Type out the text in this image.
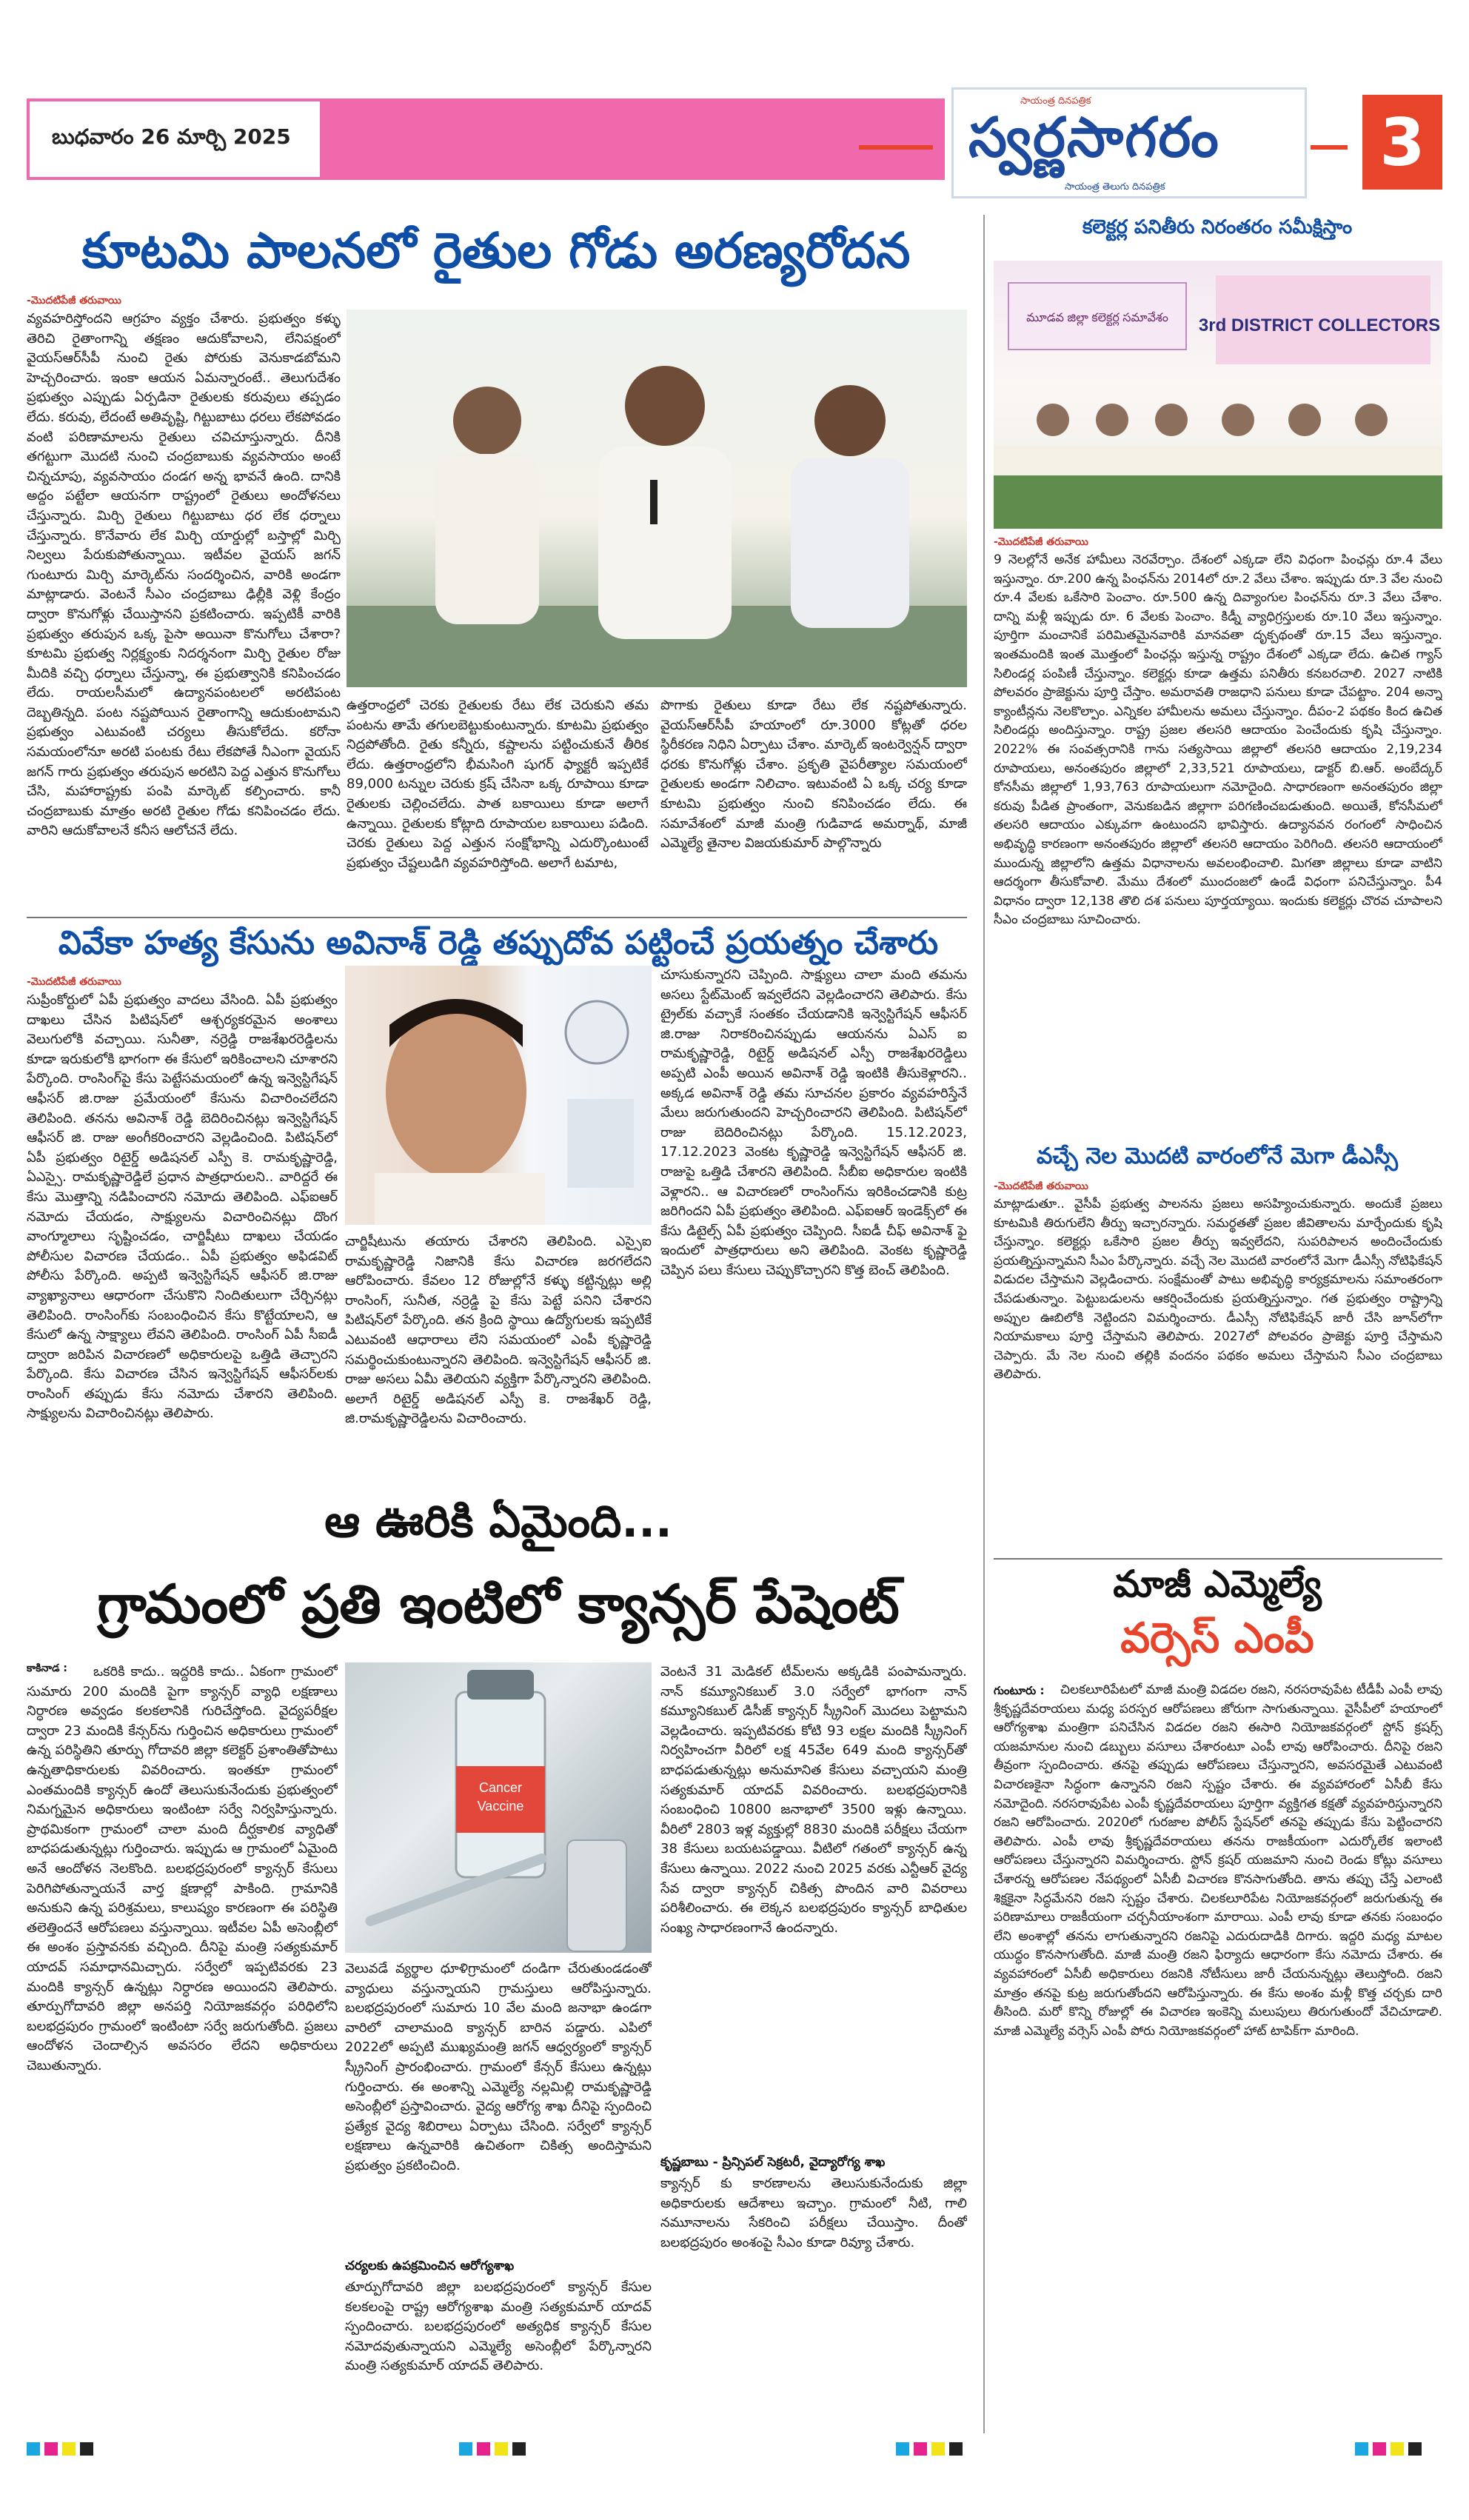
బుధవారం 26 మార్చి 2025
సాయంత్ర దినపత్రిక
స్వర్ణసాగరం
సాయంత్ర తెలుగు దినపత్రిక
3
కూటమి పాలనలో రైతుల గోడు అరణ్యరోదన
-మొదటిపేజీ తరువాయి
వ్యవహరిస్తోందని ఆగ్రహం వ్యక్తం చేశారు. ప్రభుత్వం కళ్ళు తెరిచి రైతాంగాన్ని తక్షణం ఆదుకోవాలని, లేనిపక్షంలో వైయస్‌ఆర్‌సీపీ నుంచి రైతు పోరుకు వెనుకాడబోమని హెచ్చరించారు. ఇంకా ఆయన ఏమన్నారంటే.. తెలుగుదేశం ప్రభుత్వం ఎప్పుడు ఏర్పడినా రైతులకు కరువులు తప్పడం లేదు. కరువు, లేదంటే అతివృష్టి, గిట్టుబాటు ధరలు లేకపోవడం వంటి పరిణామాలను రైతులు చవిచూస్తున్నారు. దీనికి తగట్టుగా మొదటి నుంచి చంద్రబాబుకు వ్యవసాయం అంటే చిన్నచూపు, వ్యవసాయం దండగ అన్న భావనే ఉంది. దానికి అద్దం పట్టేలా ఆయనగా రాష్ట్రంలో రైతులు అందోళనలు చేస్తున్నారు. మిర్చి రైతులు గిట్టుబాటు ధర లేక ధర్నాలు చేస్తున్నారు. కొనేవారు లేక మిర్చి యార్డుల్లో బస్తాల్లో మిర్చి నిల్వలు పేరుకుపోతున్నాయి. ఇటీవల వైయస్ జగన్ గుంటూరు మిర్చి మార్కెట్‌ను సందర్శించిన, వారికి అండగా మాట్లాడారు. వెంటనే సీఎం చంద్రబాబు ఢిల్లీకి వెళ్లి కేంద్రం ద్వారా కొనుగోళ్లు చేయిస్తానని ప్రకటించారు. ఇప్పటికీ వారికి ప్రభుత్వం తరుపున ఒక్క పైసా అయినా కొనుగోలు చేశారా? కూటమి ప్రభుత్వ నిర్లక్ష్యంకు నిదర్శనంగా మిర్చి రైతుల రోజు మీదికి వచ్చి ధర్నాలు చేస్తున్నా, ఈ ప్రభుత్వానికి కనిపించడం లేదు. రాయలసీమలో ఉద్యానపంటలలో అరటిపంట దెబ్బతిన్నది. పంట నష్టపోయిన రైతాంగాన్ని ఆదుకుంటామని ప్రభుత్వం ఎటువంటి చర్యలు తీసుకోలేదు. కరోనా సమయంలోనూ అరటి పంటకు రేటు లేకపోతే నీఎంగా వైయస్ జగన్ గారు ప్రభుత్వం తరుపున అరటిని పెద్ద ఎత్తున కొనుగోలు చేసి, మహారాష్ట్రకు పంపి మార్కెట్ కల్పించారు. కానీ చంద్రబాబుకు మాత్రం అరటి రైతుల గోడు కనిపించడం లేదు. వారిని ఆదుకోవాలనే కనీస ఆలోచనే లేదు.
ఉత్తరాంధ్రలో చెరకు రైతులకు రేటు లేక చెరుకుని తమ పంటను తామే తగులబెట్టుకుంటున్నారు. కూటమి ప్రభుత్వం నిద్రపోతోంది. రైతు కన్నీరు, కష్టాలను పట్టించుకునే తీరిక లేదు. ఉత్తరాంధ్రలోని భీమసింగి షుగర్ ఫ్యాక్టరీ ఇప్పటికే 89,000 టన్నుల చెరుకు క్రష్ చేసినా ఒక్క రూపాయి కూడా రైతులకు చెల్లించలేదు. పాత బకాయిలు కూడా అలాగే ఉన్నాయి. రైతులకు కోట్లాది రూపాయల బకాయిలు పడింది. చెరకు రైతులు పెద్ద ఎత్తున సంక్షోభాన్ని ఎదుర్కొంటుంటే ప్రభుత్వం చేష్టలుడిగి వ్యవహరిస్తోంది. అలాగే టమాట,
పొగాకు రైతులు కూడా రేటు లేక నష్టపోతున్నారు. వైయస్‌ఆర్‌సీపీ హయాంలో రూ.3000 కోట్లతో ధరల స్థిరీకరణ నిధిని ఏర్పాటు చేశాం. మార్కెట్ ఇంటర్వెన్షన్ ద్వారా ధరకు కొనుగోళ్లు చేశాం. ప్రకృతి వైపరీత్యాల సమయంలో రైతులకు అండగా నిలిచాం. ఇటువంటి ఏ ఒక్క చర్య కూడా కూటమి ప్రభుత్వం నుంచి కనిపించడం లేదు. ఈ సమావేశంలో మాజీ మంత్రి గుడివాడ అమర్నాథ్, మాజీ ఎమ్మెల్యే తైనాల విజయకుమార్ పాల్గొన్నారు
వివేకా హత్య కేసును అవినాశ్ రెడ్డి తప్పుదోవ పట్టించే ప్రయత్నం చేశారు
-మొదటిపేజీ తరువాయి
సుప్రీంకోర్టులో ఏపీ ప్రభుత్వం వాదలు వేసింది. ఏపీ ప్రభుత్వం దాఖలు చేసిన పిటిషన్‌లో ఆశ్చర్యకరమైన అంశాలు వెలుగులోకి వచ్చాయి. సునీతా, నర్రెడ్డి రాజశేఖరరెడ్డిలను కూడా ఇరుకులోకి భాగంగా ఈ కేసులో ఇరికించాలని చూశారని పేర్కొంది. రాంసింగ్‌పై కేసు పెట్టేసమయంలో ఉన్న ఇన్వెస్టిగేషన్ ఆఫీసర్ జి.రాజు ప్రమేయంలో కేసును విచారించలేదని తెలిపింది. తనను అవినాశ్ రెడ్డి బెదిరించినట్లు ఇన్వెస్టిగేషన్ ఆఫీసర్ జి. రాజు అంగీకరించారని వెల్లడించింది. పిటిషన్‌లో ఏపీ ప్రభుత్వం రిటైర్డ్ అడిషనల్ ఎస్పీ కె. రామకృష్ణారెడ్డి, ఏఎస్సై. రామకృష్ణారెడ్డిలే ప్రధాన పాత్రధారులని.. వారిద్దరే ఈ కేసు మొత్తాన్ని నడిపించారని నమోదు తెలిపింది. ఎఫ్‌ఐఆర్ నమోదు చేయడం, సాక్ష్యులను విచారించినట్లు దొంగ వాంగ్మూలాలు సృష్టించడం, చార్జిషీటు దాఖలు చేయడం పోలీసుల విచారణ చేయడం.. ఏపీ ప్రభుత్వం అఫిడవిట్ పోలీసు పేర్కొంది. అప్పటి ఇన్వెస్టిగేషన్ ఆఫీసర్ జి.రాజు వ్యాఖ్యానాలు ఆధారంగా చేసుకొని నిందితులుగా చేర్చినట్లు తెలిపింది. రాంసింగ్‌కు సంబంధించిన కేసు కొట్టేయాలని, ఆ కేసులో ఉన్న సాక్ష్యాలు లేవని తెలిపింది. రాంసింగ్ ఏపీ సీఐడీ ద్వారా జరిపిన విచారణలో అధికారులపై ఒత్తిడి తెచ్చారని పేర్కొంది. కేసు విచారణ చేసిన ఇన్వెస్టిగేషన్ ఆఫీసర్‌లకు రాంసింగ్ తప్పుడు కేసు నమోదు చేశారని తెలిపింది. సాక్ష్యులను విచారించినట్లు తెలిపారు.
చార్జిషీటును తయారు చేశారని తెలిపింది. ఎస్సైఐ రామకృష్ణారెడ్డి నిజానికి కేసు విచారణ జరగలేదని ఆరోపించారు. కేవలం 12 రోజుల్లోనే కళ్ళు కట్టిన్నట్లు అల్లి రాంసింగ్, సునీత, నర్రెడ్డి పై కేసు పెట్టే పనిని చేశారని పిటిషన్‌లో పేర్కొంది. తన క్రింది స్థాయి ఉద్యోగులకు ఇప్పటికే ఎటువంటి ఆధారాలు లేని సమయంలో ఎంపీ కృష్ణారెడ్డి సమర్థించుకుంటున్నారని తెలిపింది. ఇన్వెస్టిగేషన్ ఆఫీసర్ జి. రాజు అసలు ఏమీ తెలియని వ్యక్తిగా పేర్కొన్నారని తెలిపింది. అలాగే రిటైర్డ్ అడిషనల్ ఎస్పీ కె. రాజశేఖర్ రెడ్డి, జి.రామకృష్ణారెడ్డిలను విచారించారు.
చూసుకున్నారని చెప్పింది. సాక్ష్యులు చాలా మంది తమను అసలు స్టేట్‌మెంట్ ఇవ్వలేదని వెల్లడించారని తెలిపారు. కేసు ట్రైల్‌కు వచ్చాకే సంతకం చేయడానికి ఇన్వెస్టిగేషన్ ఆఫీసర్ జి.రాజు నిరాకరించినప్పుడు ఆయనను ఏఎస్ ఐ రామకృష్ణారెడ్డి, రిటైర్డ్ అడిషనల్ ఎస్పీ రాజశేఖరరెడ్డిలు అప్పటి ఎంపీ అయిన అవినాశ్ రెడ్డి ఇంటికి తీసుకెళ్లారని.. అక్కడ అవినాశ్ రెడ్డి తమ సూచనల ప్రకారం వ్యవహరిస్తేనే మేలు జరుగుతుందని హెచ్చరించారని తెలిపింది. పిటిషన్‌లో రాజు బెదిరించినట్లు పేర్కొంది. 15.12.2023, 17.12.2023 వెంకట కృష్ణారెడ్డి ఇన్వెస్టిగేషన్ ఆఫీసర్ జి. రాజుపై ఒత్తిడి చేశారని తెలిపింది. సీబీఐ అధికారుల ఇంటికి వెళ్లారని.. ఆ విచారణలో రాంసింగ్‌ను ఇరికించడానికి కుట్ర జరిగిందని ఏపీ ప్రభుత్వం తెలిపింది. ఎఫ్‌ఐఆర్ ఇండెక్స్‌లో ఈ కేసు డిటైల్స్ ఏపీ ప్రభుత్వం చెప్పింది. సీఐడీ చీఫ్ అవినాశ్ ఫై ఇందులో పాత్రధారులు అని తెలిపింది. వెంకట కృష్ణారెడ్డి చెప్పిన పలు కేసులు చెప్పుకొచ్చారని కొత్త బెంచ్ తెలిపింది.
ఆ ఊరికి ఏమైంది...
గ్రామంలో ప్రతి ఇంటిలో క్యాన్సర్ పేషెంట్
కాకినాడ :	ఒకరికి కాదు.. ఇద్దరికి కాదు.. ఏకంగా గ్రామంలో సుమారు 200 మందికి పైగా క్యాన్సర్ వ్యాధి లక్షణాలు నిర్ధారణ అవ్వడం కలకలానికి గురిచేస్తోంది. వైద్యపరీక్షల ద్వారా 23 మందికి కేన్సర్‌ను గుర్తించిన అధికారులు గ్రామంలో ఉన్న పరిస్థితిని తూర్పు గోదావరి జిల్లా కలెక్టర్ ప్రశాంతితోపాటు ఉన్నతాధికారులకు వివరించారు. ఇంతకూ గ్రామంలో ఎంతమందికి క్యాన్సర్ ఉందో తెలుసుకునేందుకు ప్రభుత్వంలో నిమగ్నమైన అధికారులు ఇంటింటా సర్వే నిర్వహిస్తున్నారు. ప్రాథమికంగా గ్రామంలో చాలా మంది దీర్ఘకాలిక వ్యాధితో బాధపడుతున్నట్లు గుర్తించారు. ఇప్పుడు ఆ గ్రామంలో ఏమైంది అనే ఆందోళన నెలకొంది. బలభద్రపురంలో క్యాన్సర్ కేసులు పెరిగిపోతున్నాయనే వార్త క్షణాల్లో పాకింది. గ్రామానికి అనుకుని ఉన్న పరిశ్రమలు, కాలుష్యం కారణంగా ఈ పరిస్థితి తలెత్తిందనే ఆరోపణలు వస్తున్నాయి. ఇటీవల ఏపీ అసెంబ్లీలో ఈ అంశం ప్రస్తావనకు వచ్చింది. దీనిపై మంత్రి సత్యకుమార్ యాదవ్ సమాధానమిచ్చారు. సర్వేలో ఇప్పటివరకు 23 మందికి క్యాన్సర్ ఉన్నట్లు నిర్ధారణ అయిందని తెలిపారు. తూర్పుగోదావరి జిల్లా అనపర్తి నియోజకవర్గం పరిధిలోని బలభద్రపురం గ్రామంలో ఇంటింటా సర్వే జరుగుతోంది. ప్రజలు ఆందోళన చెందాల్సిన అవసరం లేదని అధికారులు చెబుతున్నారు.
Cancer
Vaccine
వెలువడే వ్యర్థాల ధూళిగ్రామంలో దండిగా చేరుతుండడంతో వ్యాధులు వస్తున్నాయని గ్రామస్తులు ఆరోపిస్తున్నారు. బలభద్రపురంలో సుమారు 10 వేల మంది జనాభా ఉండగా వారిలో చాలామంది క్యాన్సర్ బారిన పడ్డారు. ఎపిలో 2022లో అప్పటి ముఖ్యమంత్రి జగన్ ఆధ్వర్యంలో క్యాన్సర్ స్క్రీనింగ్ ప్రారంభించారు. గ్రామంలో కేన్సర్ కేసులు ఉన్నట్లు గుర్తించారు. ఈ అంశాన్ని ఎమ్మెల్యే నల్లమిల్లి రామకృష్ణారెడ్డి అసెంబ్లీలో ప్రస్తావించారు. వైద్య ఆరోగ్య శాఖ దీనిపై స్పందించి ప్రత్యేక వైద్య శిబిరాలు ఏర్పాటు చేసింది. సర్వేలో క్యాన్సర్ లక్షణాలు ఉన్నవారికి ఉచితంగా చికిత్స అందిస్తామని ప్రభుత్వం ప్రకటించింది.
చర్యలకు ఉపక్రమించిన ఆరోగ్యశాఖ
తూర్పుగోదావరి జిల్లా బలభద్రపురంలో క్యాన్సర్ కేసుల కలకలంపై రాష్ట్ర ఆరోగ్యశాఖ మంత్రి సత్యకుమార్ యాదవ్ స్పందించారు. బలభద్రపురంలో అత్యధిక క్యాన్సర్ కేసుల నమోదవుతున్నాయని ఎమ్మెల్యే అసెంబ్లీలో పేర్కొన్నారని మంత్రి సత్యకుమార్ యాదవ్ తెలిపారు.
వెంటనే 31 మెడికల్ టీమ్‌లను అక్కడికి పంపామన్నారు. నాన్ కమ్యూనికబుల్ 3.0 సర్వేలో భాగంగా నాన్ కమ్యూనికబుల్ డిసీజ్ క్యాన్సర్ స్క్రీనింగ్ మొదలు పెట్టామని వెల్లడించారు. ఇప్పటివరకు కోటి 93 లక్షల మందికి స్క్రీనింగ్ నిర్వహించగా వీరిలో లక్ష 45వేల 649 మంది క్యాన్సర్‌తో బాధపడుతున్నట్లు అనుమానిత కేసులు వచ్చాయని మంత్రి సత్యకుమార్ యాదవ్ వివరించారు. బలభద్రపురానికి సంబంధించి 10800 జనాభాలో 3500 ఇళ్లు ఉన్నాయి. వీరిలో 2803 ఇళ్ల వ్యక్తుల్లో 8830 మందికి పరీక్షలు చేయగా 38 కేసులు బయటపడ్డాయి. వీటిలో గతంలో క్యాన్సర్ ఉన్న కేసులు ఉన్నాయి. 2022 నుంచి 2025 వరకు ఎన్టీఆర్ వైద్య సేవ ద్వారా క్యాన్సర్ చికిత్స పొందిన వారి వివరాలు పరిశీలించారు. ఈ లెక్కన బలభద్రపురం క్యాన్సర్ బాధితుల సంఖ్య సాధారణంగానే ఉందన్నారు.
కృష్ణబాబు - ప్రిన్సిపల్ సెక్రటరీ, వైద్యారోగ్య శాఖ
క్యాన్సర్ కు కారణాలను తెలుసుకునేందుకు జిల్లా అధికారులకు ఆదేశాలు ఇచ్చాం. గ్రామంలో నీటి, గాలి నమూనాలను సేకరించి పరీక్షలు చేయిస్తాం. దీంతో బలభద్రపురం అంశంపై సీఎం కూడా రివ్యూ చేశారు.
కలెక్టర్ల పనితీరు నిరంతరం సమీక్షిస్తాం
3rd DISTRICT COLLECTORS
మూడవ జిల్లా కలెక్టర్ల సమావేశం
-మొదటిపేజీ తరువాయి
9 నెలల్లోనే అనేక హామీలు నెరవేర్చాం. దేశంలో ఎక్కడా లేని విధంగా పింఛన్లు రూ.4 వేలు ఇస్తున్నాం. రూ.200 ఉన్న పింఛన్‌ను 2014లో రూ.2 వేలు చేశాం. ఇప్పుడు రూ.3 వేల నుంచి రూ.4 వేలకు ఒకేసారి పెంచాం. రూ.500 ఉన్న దివ్యాంగుల పింఛన్‌ను రూ.3 వేలు చేశాం. దాన్ని మళ్లీ ఇప్పుడు రూ. 6 వేలకు పెంచాం. కిడ్నీ వ్యాధిగ్రస్తులకు రూ.10 వేలు ఇస్తున్నాం. పూర్తిగా మంచానికే పరిమితమైనవారికి మానవతా దృక్పథంతో రూ.15 వేలు ఇస్తున్నాం. ఇంతమందికి ఇంత మొత్తంలో పింఛన్లు ఇస్తున్న రాష్ట్రం దేశంలో ఎక్కడా లేదు. ఉచిత గ్యాస్ సిలిండర్ల పంపిణీ చేస్తున్నాం. కలెక్టర్లు కూడా ఉత్తమ పనితీరు కనబరచాలి. 2027 నాటికి పోలవరం ప్రాజెక్టును పూర్తి చేస్తాం. అమరావతి రాజధాని పనులు కూడా చేపట్టాం. 204 అన్నా క్యాంటీన్లను నెలకొల్పాం. ఎన్నికల హామీలను అమలు చేస్తున్నాం. దీపం-2 పథకం కింద ఉచిత సిలిండర్లు అందిస్తున్నాం. రాష్ట్ర ప్రజల తలసరి ఆదాయం పెంచేందుకు కృషి చేస్తున్నాం. 2022% ఈ సంవత్సరానికి గాను సత్యసాయి జిల్లాలో తలసరి ఆదాయం 2,19,234 రూపాయలు, అనంతపురం జిల్లాలో 2,33,521 రూపాయలు, డాక్టర్ బి.ఆర్. అంబేద్కర్ కోనసీమ జిల్లాలో 1,93,763 రూపాయలుగా నమోదైంది. సాధారణంగా అనంతపురం జిల్లా కరువు పీడిత ప్రాంతంగా, వెనుకబడిన జిల్లాగా పరిగణించబడుతుంది. అయితే, కోనసీమలో తలసరి ఆదాయం ఎక్కువగా ఉంటుందని భావిస్తారు. ఉద్యానవన రంగంలో సాధించిన అభివృద్ధి కారణంగా అనంతపురం జిల్లాలో తలసరి ఆదాయం పెరిగింది. తలసరి ఆదాయంలో ముందున్న జిల్లాలోని ఉత్తమ విధానాలను అవలంభించాలి. మిగతా జిల్లాలు కూడా వాటిని ఆదర్శంగా తీసుకోవాలి. మేము దేశంలో ముందంజలో ఉండే విధంగా పనిచేస్తున్నాం. పీ4 విధానం ద్వారా 12,138 తొలి దశ పనులు పూర్తయ్యాయి. ఇందుకు కలెక్టర్లు చొరవ చూపాలని సీఎం చంద్రబాబు సూచించారు.
వచ్చే నెల మొదటి వారంలోనే మెగా డీఎస్సీ
-మొదటిపేజీ తరువాయి
మాట్లాడుతూ.. వైసీపీ ప్రభుత్వ పాలనను ప్రజలు అసహ్యించుకున్నారు. అందుకే ప్రజలు కూటమికి తిరుగులేని తీర్పు ఇచ్చారన్నారు. సమర్థతతో ప్రజల జీవితాలను మార్చేందుకు కృషి చేస్తున్నాం. కలెక్టర్లు ఒకేసారి ప్రజల తీర్పు ఇవ్వలేదని, సుపరిపాలన అందించేందుకు ప్రయత్నిస్తున్నామని సీఎం పేర్కొన్నారు. వచ్చే నెల మొదటి వారంలోనే మెగా డీఎస్సీ నోటిఫికేషన్ విడుదల చేస్తామని వెల్లడించారు. సంక్షేమంతో పాటు అభివృద్ధి కార్యక్రమాలను సమాంతరంగా చేపడుతున్నాం. పెట్టుబడులను ఆకర్షించేందుకు ప్రయత్నిస్తున్నాం. గత ప్రభుత్వం రాష్ట్రాన్ని అప్పుల ఊబిలోకి నెట్టిందని విమర్శించారు. డీఎస్సీ నోటిఫికేషన్ జారీ చేసి జూన్‌లోగా నియామకాలు పూర్తి చేస్తామని తెలిపారు. 2027లో పోలవరం ప్రాజెక్టు పూర్తి చేస్తామని చెప్పారు. మే నెల నుంచి తల్లికి వందనం పథకం అమలు చేస్తామని సీఎం చంద్రబాబు తెలిపారు.
మాజీ ఎమ్మెల్యే
వర్సెస్ ఎంపీ
చిలకలూరిపేటలో మాజీ మంత్రి విడదల రజని, నరసరావుపేట టీడీపీ ఎంపీ లావు శ్రీకృష్ణదేవరాయలు మధ్య పరస్పర ఆరోపణలు జోరుగా సాగుతున్నాయి. వైసీపీలో హయాంలో ఆరోగ్యశాఖ మంత్రిగా పనిచేసిన విడదల రజని ఈసారి నియోజకవర్గంలో స్టోన్ క్రషర్స్ యజమానుల నుంచి డబ్బులు వసూలు చేశారంటూ ఎంపీ లావు ఆరోపించారు. దీనిపై రజని తీవ్రంగా స్పందించారు. తనపై తప్పుడు ఆరోపణలు చేస్తున్నారని, అవసరమైతే ఎటువంటి విచారణకైనా సిద్ధంగా ఉన్నానని రజని స్పష్టం చేశారు. ఈ వ్యవహారంలో ఏసీబీ కేసు నమోదైంది. నరసరావుపేట ఎంపీ కృష్ణదేవరాయలు పూర్తిగా వ్యక్తిగత కక్షతో వ్యవహరిస్తున్నారని రజని ఆరోపించారు. 2020లో గురజాల పోలీస్ స్టేషన్‌లో తనపై తప్పుడు కేసు పెట్టించారని తెలిపారు. ఎంపీ లావు శ్రీకృష్ణదేవరాయలు తనను రాజకీయంగా ఎదుర్కోలేక ఇలాంటి ఆరోపణలు చేస్తున్నారని విమర్శించారు. స్టోన్ క్రషర్ యజమాని నుంచి రెండు కోట్లు వసూలు చేశారన్న ఆరోపణల నేపథ్యంలో ఏసీబీ విచారణ కొనసాగుతోంది. తాను తప్పు చేస్తే ఎలాంటి శిక్షకైనా సిద్ధమేనని రజని స్పష్టం చేశారు. చిలకలూరిపేట నియోజకవర్గంలో జరుగుతున్న ఈ పరిణామాలు రాజకీయంగా చర్చనీయాంశంగా మారాయి. ఎంపీ లావు కూడా తనకు సంబంధం లేని అంశాల్లో తనను లాగుతున్నారని రజనిపై ఎదురుదాడికి దిగారు. ఇద్దరి మధ్య మాటల యుద్ధం కొనసాగుతోంది. మాజీ మంత్రి రజని ఫిర్యాదు ఆధారంగా కేసు నమోదు చేశారు. ఈ వ్యవహారంలో ఏసీబీ అధికారులు రజనికి నోటీసులు జారీ చేయనున్నట్లు తెలుస్తోంది. రజని మాత్రం తనపై కుట్ర జరుగుతోందని ఆరోపిస్తున్నారు. ఈ కేసు అంశం మళ్లీ కొత్త చర్చకు దారి తీసింది. మరో కొన్ని రోజుల్లో ఈ విచారణ ఇంకెన్ని మలుపులు తిరుగుతుందో వేచిచూడాలి. మాజీ ఎమ్మెల్యే వర్సెస్ ఎంపీ పోరు నియోజకవర్గంలో హాట్ టాపిక్‌గా మారింది.
గుంటూరు :
